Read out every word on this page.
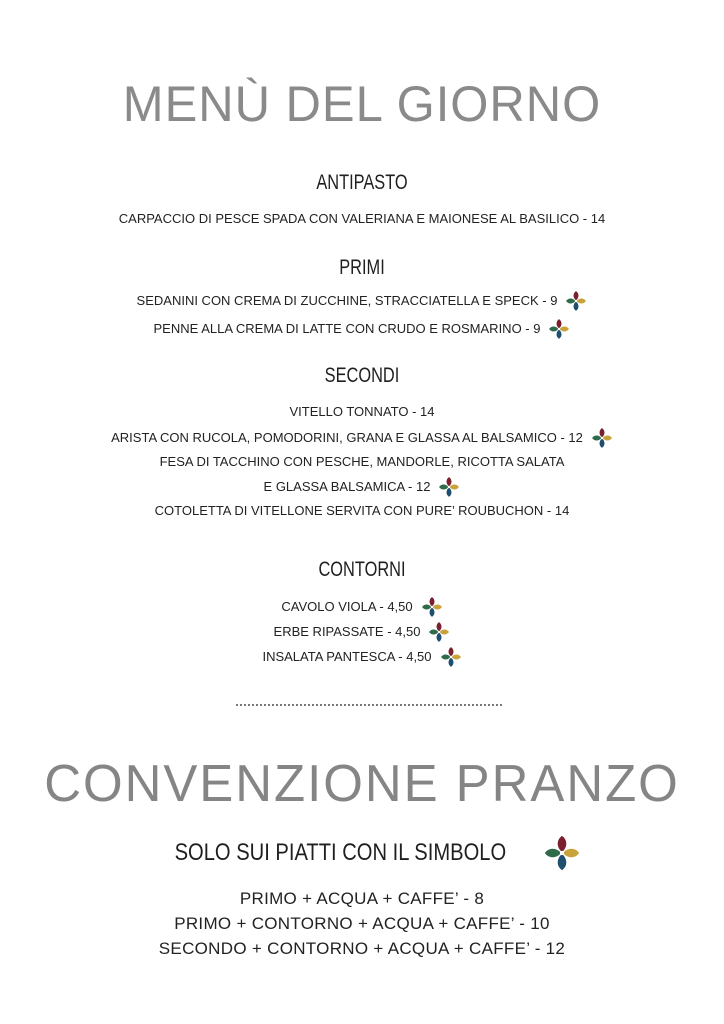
MENÙ DEL GIORNO
ANTIPASTO
CARPACCIO DI PESCE SPADA CON VALERIANA E MAIONESE AL BASILICO - 14
PRIMI
SEDANINI CON CREMA DI ZUCCHINE, STRACCIATELLA E SPECK - 9
PENNE ALLA CREMA DI LATTE CON CRUDO E ROSMARINO - 9
SECONDI
VITELLO TONNATO - 14
ARISTA CON RUCOLA, POMODORINI, GRANA E GLASSA AL BALSAMICO - 12
FESA DI TACCHINO CON PESCHE, MANDORLE, RICOTTA SALATA
E GLASSA BALSAMICA - 12
COTOLETTA DI VITELLONE SERVITA CON PURE’ ROUBUCHON - 14
CONTORNI
CAVOLO VIOLA - 4,50
ERBE RIPASSATE - 4,50
INSALATA PANTESCA - 4,50
CONVENZIONE PRANZO
SOLO SUI PIATTI CON IL SIMBOLO
PRIMO + ACQUA + CAFFE’ - 8
PRIMO + CONTORNO + ACQUA + CAFFE’ - 10
SECONDO + CONTORNO + ACQUA + CAFFE’ - 12
